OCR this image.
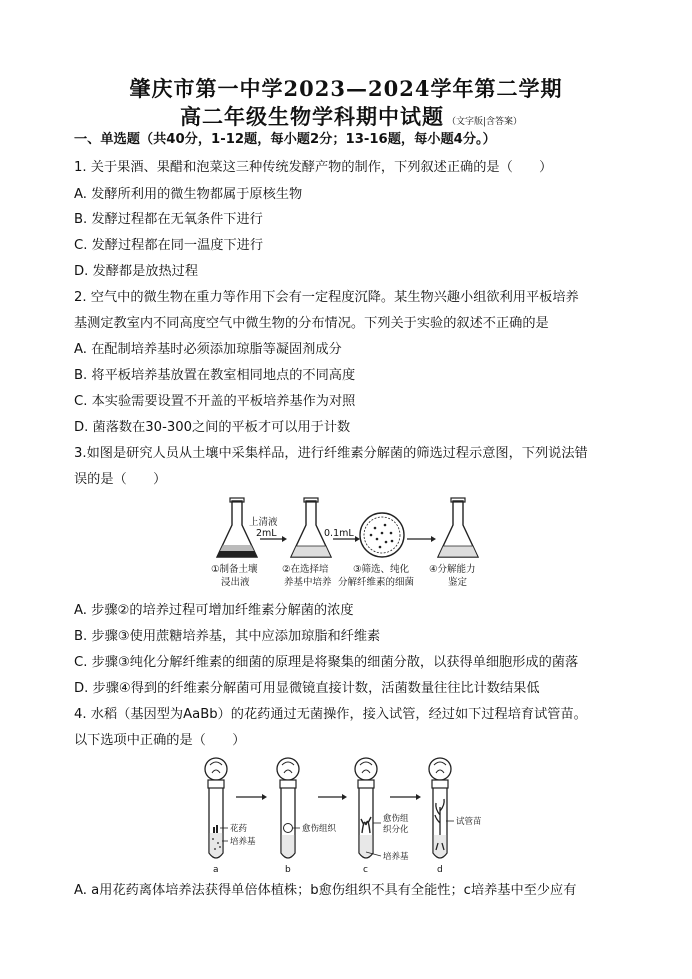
肇庆市第一中学2023—2024学年第二学期
高二年级生物学科期中试题 （文字版|含答案）
一、单选题（共40分，1-12题，每小题2分；13-16题，每小题4分。）
1. 关于果酒、果醋和泡菜这三种传统发酵产物的制作，下列叙述正确的是（　　）
A. 发酵所利用的微生物都属于原核生物
B. 发酵过程都在无氧条件下进行
C. 发酵过程都在同一温度下进行
D. 发酵都是放热过程
2. 空气中的微生物在重力等作用下会有一定程度沉降。某生物兴趣小组欲利用平板培养
基测定教室内不同高度空气中微生物的分布情况。下列关于实验的叙述不正确的是
A. 在配制培养基时必须添加琼脂等凝固剂成分
B. 将平板培养基放置在教室相同地点的不同高度
C. 本实验需要设置不开盖的平板培养基作为对照
D. 菌落数在30-300之间的平板才可以用于计数
3.如图是研究人员从土壤中采集样品，进行纤维素分解菌的筛选过程示意图，下列说法错
误的是（　　）
上清液
2mL	0.1mL
①制备土壤
浸出液
②在选择培
养基中培养
③筛选、纯化
分解纤维素的细菌
④分解能力
鉴定
A. 步骤②的培养过程可增加纤维素分解菌的浓度
B. 步骤③使用蔗糖培养基，其中应添加琼脂和纤维素
C. 步骤③纯化分解纤维素的细菌的原理是将聚集的细菌分散，以获得单细胞形成的菌落
D. 步骤④得到的纤维素分解菌可用显微镜直接计数，活菌数量往往比计数结果低
4. 水稻（基因型为AaBb）的花药通过无菌操作，接入试管，经过如下过程培育试管苗。
以下选项中正确的是（　　）
花药
培养基
a
愈伤组织
b
愈伤组
织分化
培养基
c
试管苗
d
A. a用花药离体培养法获得单倍体植株；b愈伤组织不具有全能性；c培养基中至少应有
